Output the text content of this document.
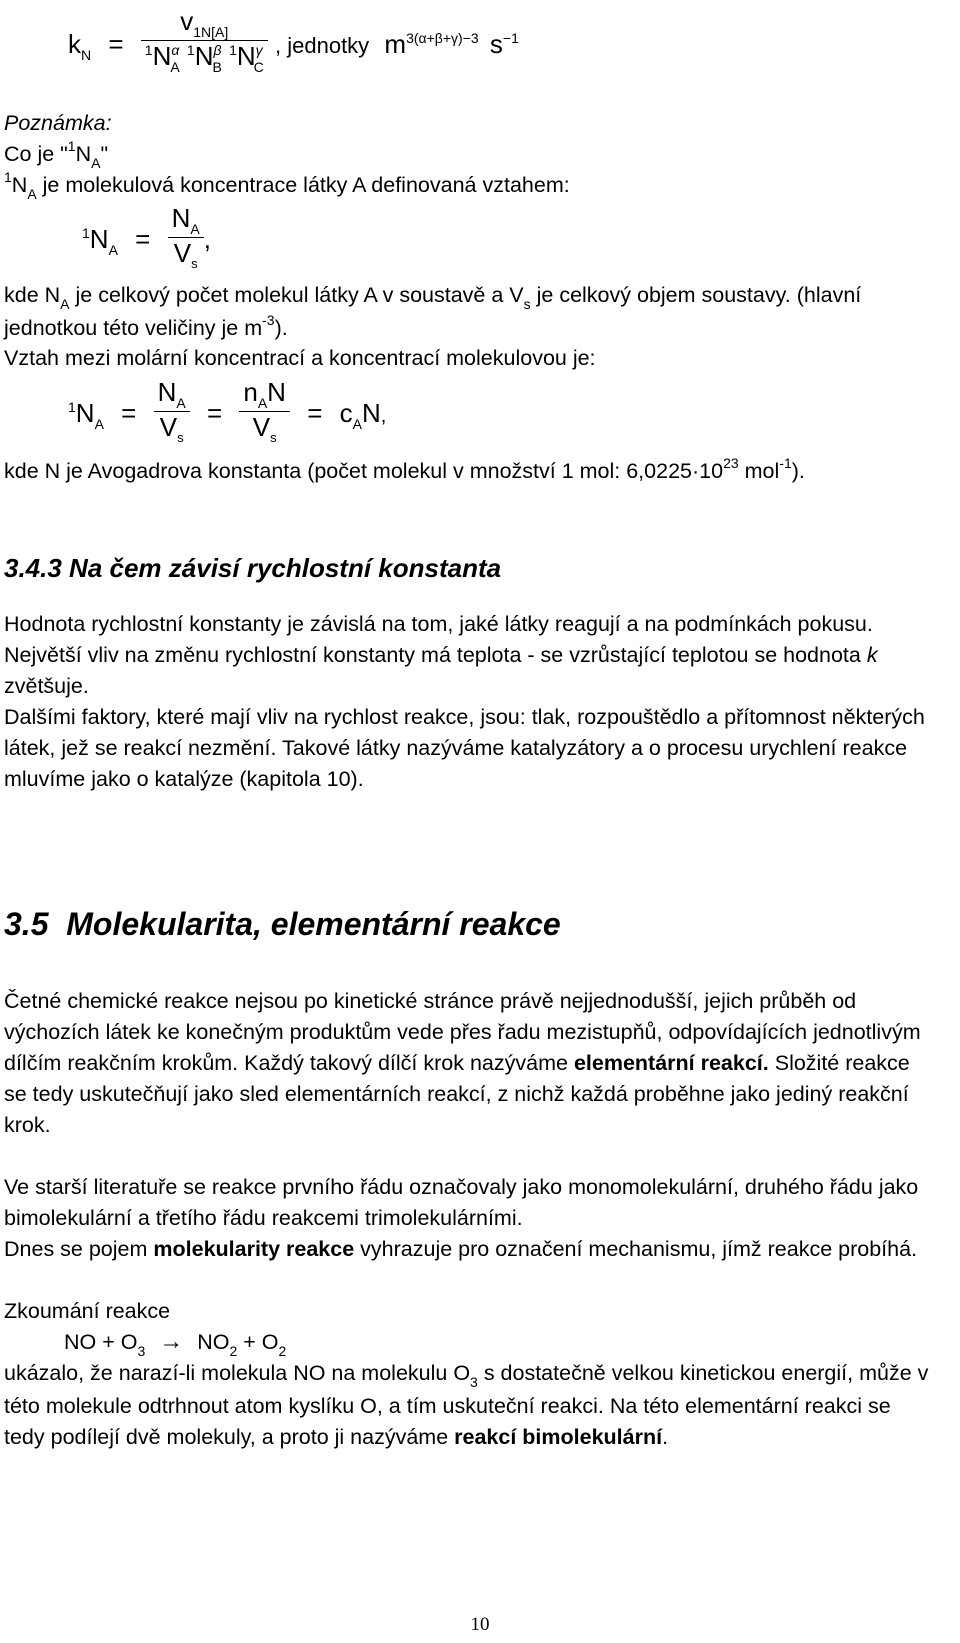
$k_N = \frac{v_{1N[A]}}{^1N^\alpha_A ^1N^\beta_B ^1N^\gamma_C}$ , jednotky $m^{3(\alpha+\beta+\gamma)-3}$ $s^{-1}$

Poznámka:

Co je "$^1N_A$"

$^1N_A$ je molekulová koncentrace látky A definovaná vztahem:

$^1N_A = \frac{N_A}{V_s}$ ,

kde $N_A$ je celkový počet molekul látky A v soustavě a $V_s$ je celkový objem soustavy. (hlavní jednotkou této veličiny je $m^{-3}$).

Vztah mezi molární koncentrací a koncentrací molekulovou je:

$^1N_A = \frac{N_A}{V_s} = \frac{n_AN}{V_s} = c_AN$,

kde N je Avogadrova konstanta (počet molekul v množství 1 mol: $6,0225\cdot 10^{23}$ mol$^{-1}$).

3.4.3 Na čem závisí rychlostní konstanta

Hodnota rychlostní konstanty je závislá na tom, jaké látky reagují a na podmínkách pokusu. Největší vliv na změnu rychlostní konstanty má teplota - se vzrůstající teplotou se hodnota k zvětšuje.

Dalšími faktory, které mají vliv na rychlost reakce, jsou: tlak, rozpouštědlo a přítomnost některých látek, jež se reakcí nezmění. Takové látky nazýváme katalyzátory a o procesu urychlení reakce mluvíme jako o katalýze (kapitola 10).

3.5  Molekularita, elementární reakce

Četné chemické reakce nejsou po kinetické stránce právě nejjednodušší, jejich průběh od výchozích látek ke konečným produktům vede přes řadu mezistupňů, odpovídajících jednotlivým dílčím reakčním krokům. Každý takový dílčí krok nazýváme elementární reakcí. Složité reakce se tedy uskutečňují jako sled elementárních reakcí, z nichž každá proběhne jako jediný reakční krok.

Ve starší literatuře se reakce prvního řádu označovaly jako monomolekulární, druhého řádu jako bimolekulární a třetího řádu reakcemi trimolekulárními.

Dnes se pojem molekularity reakce vyhrazuje pro označení mechanismu, jímž reakce probíhá.

Zkoumání reakce

NO + $O_3 \to NO_2 + O_2$

ukázalo, že narazí-li molekula NO na molekulu $O_3$ s dostatečně velkou kinetickou energií, může v této molekule odtrhnout atom kyslíku O, a tím uskuteční reakci. Na této elementární reakci se tedy podílejí dvě molekuly, a proto ji nazýváme reakcí bimolekulární.

10
